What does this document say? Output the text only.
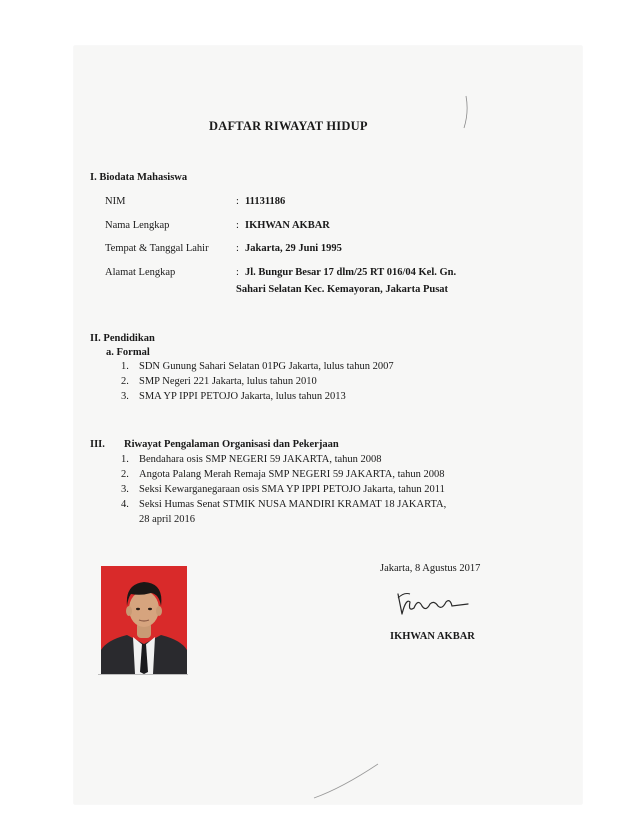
DAFTAR RIWAYAT HIDUP
I. Biodata Mahasiswa
NIM	: 11131186
Nama Lengkap	: IKHWAN AKBAR
Tempat & Tanggal Lahir	: Jakarta, 29 Juni 1995
Alamat Lengkap	: Jl. Bungur Besar 17 dlm/25 RT 016/04 Kel. Gn.
Sahari Selatan Kec. Kemayoran, Jakarta Pusat
II. Pendidikan
a. Formal
1. SDN Gunung Sahari Selatan 01PG Jakarta, lulus tahun 2007
2. SMP Negeri 221 Jakarta, lulus tahun 2010
3. SMA YP IPPI PETOJO Jakarta, lulus tahun 2013
III. Riwayat Pengalaman Organisasi dan Pekerjaan
1. Bendahara osis SMP NEGERI 59 JAKARTA, tahun 2008
2. Angota Palang Merah Remaja SMP NEGERI 59 JAKARTA, tahun 2008
3. Seksi Kewarganegaraan osis SMA YP IPPI PETOJO Jakarta, tahun 2011
4. Seksi Humas Senat STMIK NUSA MANDIRI KRAMAT 18 JAKARTA,
28 april 2016
Jakarta, 8 Agustus 2017
IKHWAN AKBAR
